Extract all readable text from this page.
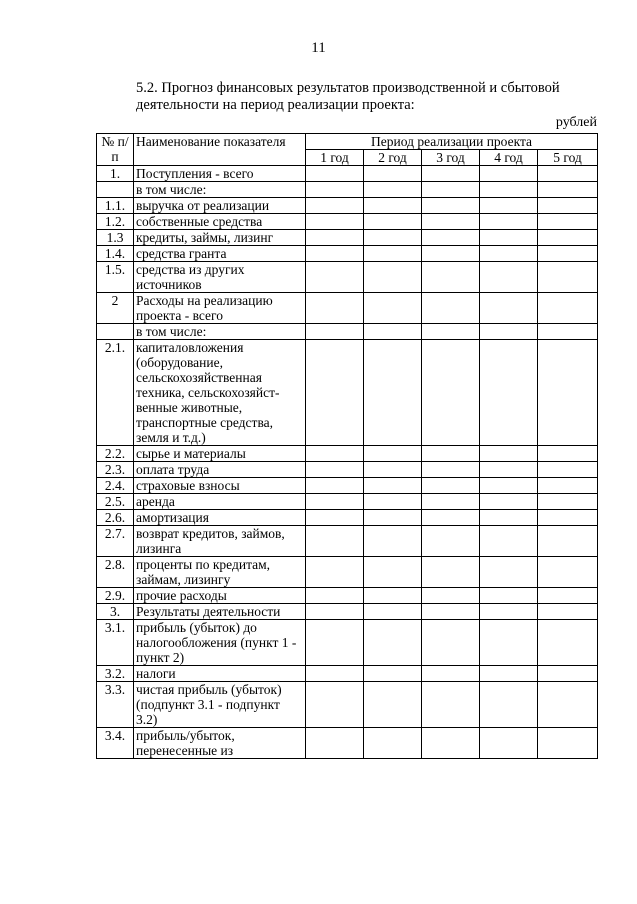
11
5.2. Прогноз финансовых результатов производственной и сбытовой деятельности на период реализации проекта:
рублей
№ п/п	Наименование показателя	Период реализации проекта				
		1 год	2 год	3 год	4 год	5 год
1.	Поступления - всего					
	в том числе:					
1.1.	выручка от реализации					
1.2.	собственные средства					
1.3	кредиты, займы, лизинг					
1.4.	средства гранта					
1.5.	средства из других источников					
2	Расходы на реализацию проекта - всего					
	в том числе:					
2.1.	капиталовложения (оборудование, сельскохозяйственная техника, сельскохозяйст-венные животные, транспортные средства, земля и т.д.)					
2.2.	сырье и материалы					
2.3.	оплата труда					
2.4.	страховые взносы					
2.5.	аренда					
2.6.	амортизация					
2.7.	возврат кредитов, займов, лизинга					
2.8.	проценты по кредитам, займам, лизингу					
2.9.	прочие расходы					
3.	Результаты деятельности					
3.1.	прибыль (убыток) до налогообложения (пункт 1 - пункт 2)					
3.2.	налоги					
3.3.	чистая прибыль (убыток) (подпункт 3.1 - подпункт 3.2)					
3.4.	прибыль/убыток, перенесенные из					
